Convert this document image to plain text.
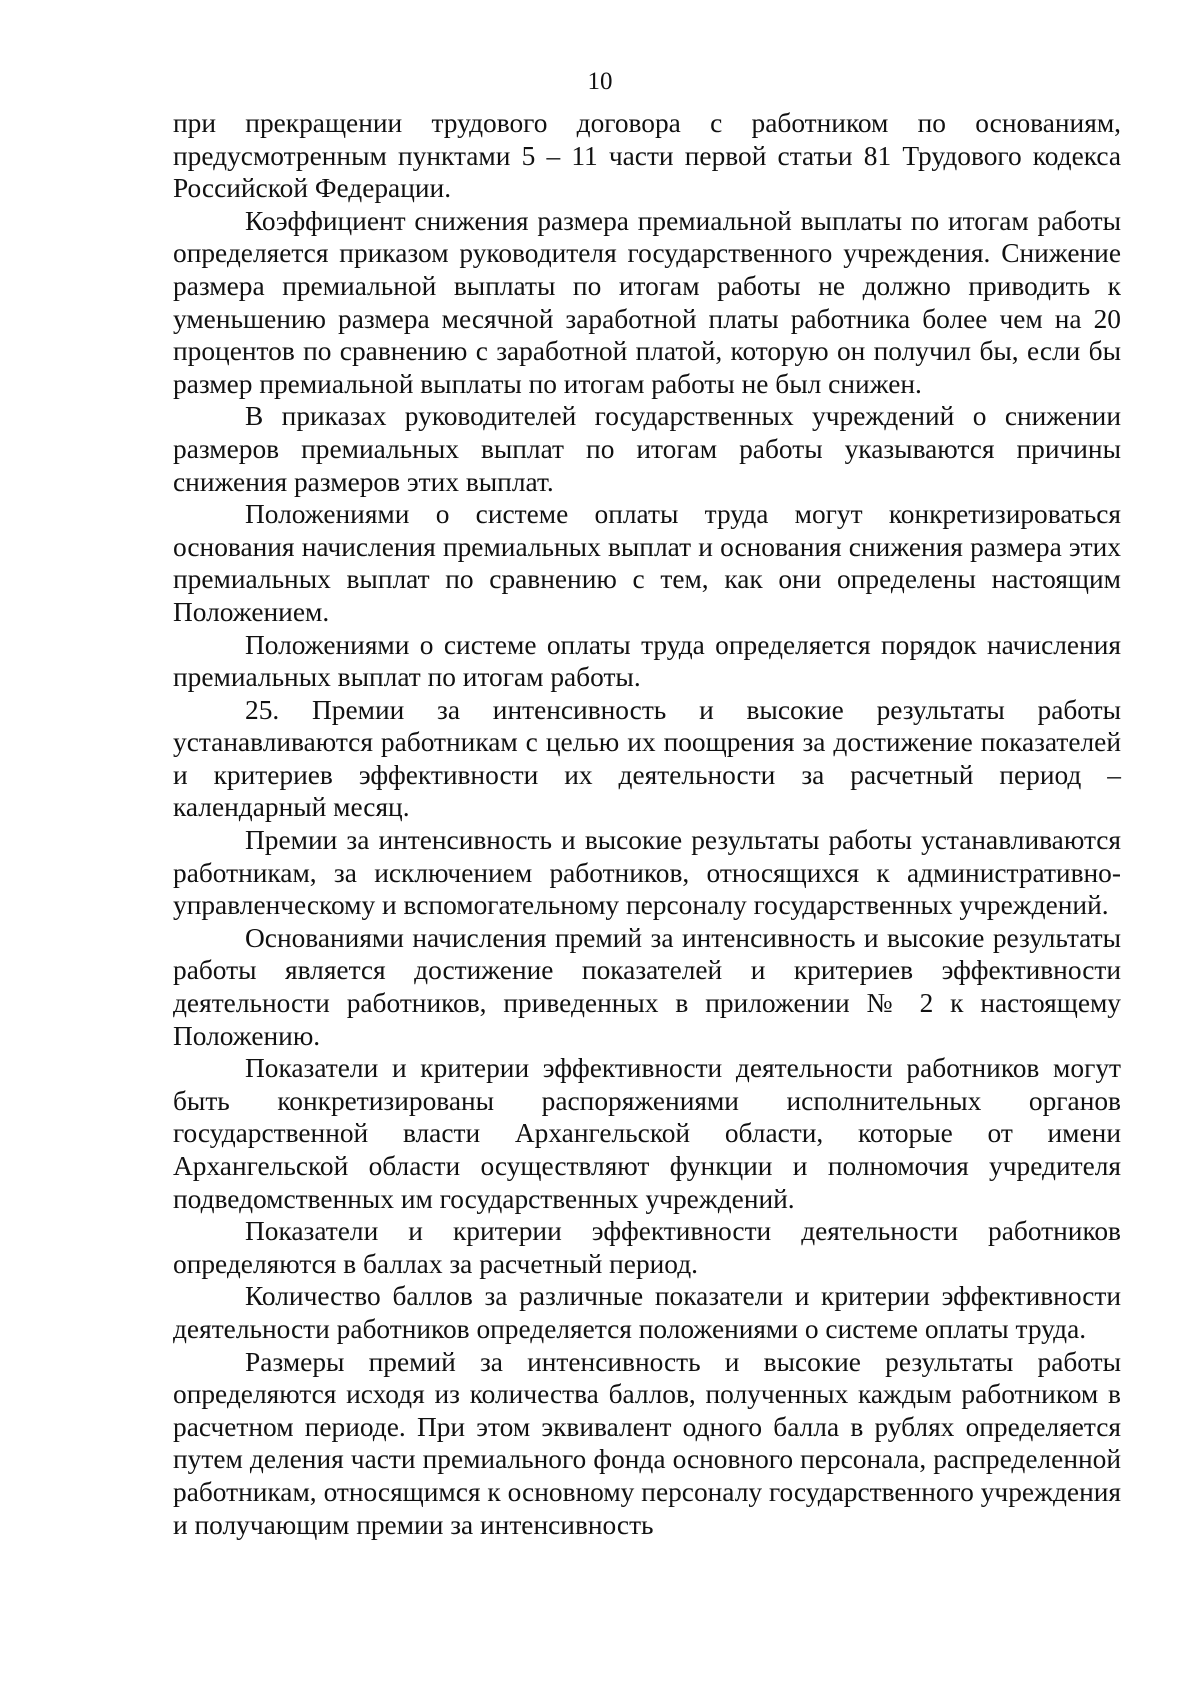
10

при прекращении трудового договора с работником по основаниям, предусмотренным пунктами 5 – 11 части первой статьи 81 Трудового кодекса Российской Федерации.

Коэффициент снижения размера премиальной выплаты по итогам работы определяется приказом руководителя государственного учреждения. Снижение размера премиальной выплаты по итогам работы не должно приводить к уменьшению размера месячной заработной платы работника более чем на 20 процентов по сравнению с заработной платой, которую он получил бы, если бы размер премиальной выплаты по итогам работы не был снижен.

В приказах руководителей государственных учреждений о снижении размеров премиальных выплат по итогам работы указываются причины снижения размеров этих выплат.

Положениями о системе оплаты труда могут конкретизироваться основания начисления премиальных выплат и основания снижения размера этих премиальных выплат по сравнению с тем, как они определены настоящим Положением.

Положениями о системе оплаты труда определяется порядок начисления премиальных выплат по итогам работы.

25. Премии за интенсивность и высокие результаты работы устанавливаются работникам с целью их поощрения за достижение показателей и критериев эффективности их деятельности за расчетный период – календарный месяц.

Премии за интенсивность и высокие результаты работы устанавливаются работникам, за исключением работников, относящихся к административно-управленческому и вспомогательному персоналу государственных учреждений.

Основаниями начисления премий за интенсивность и высокие результаты работы является достижение показателей и критериев эффективности деятельности работников, приведенных в приложении № 2 к настоящему Положению.

Показатели и критерии эффективности деятельности работников могут быть конкретизированы распоряжениями исполнительных органов государственной власти Архангельской области, которые от имени Архангельской области осуществляют функции и полномочия учредителя подведомственных им государственных учреждений.

Показатели и критерии эффективности деятельности работников определяются в баллах за расчетный период.

Количество баллов за различные показатели и критерии эффективности деятельности работников определяется положениями о системе оплаты труда.

Размеры премий за интенсивность и высокие результаты работы определяются исходя из количества баллов, полученных каждым работником в расчетном периоде. При этом эквивалент одного балла в рублях определяется путем деления части премиального фонда основного персонала, распределенной работникам, относящимся к основному персоналу государственного учреждения и получающим премии за интенсивность
